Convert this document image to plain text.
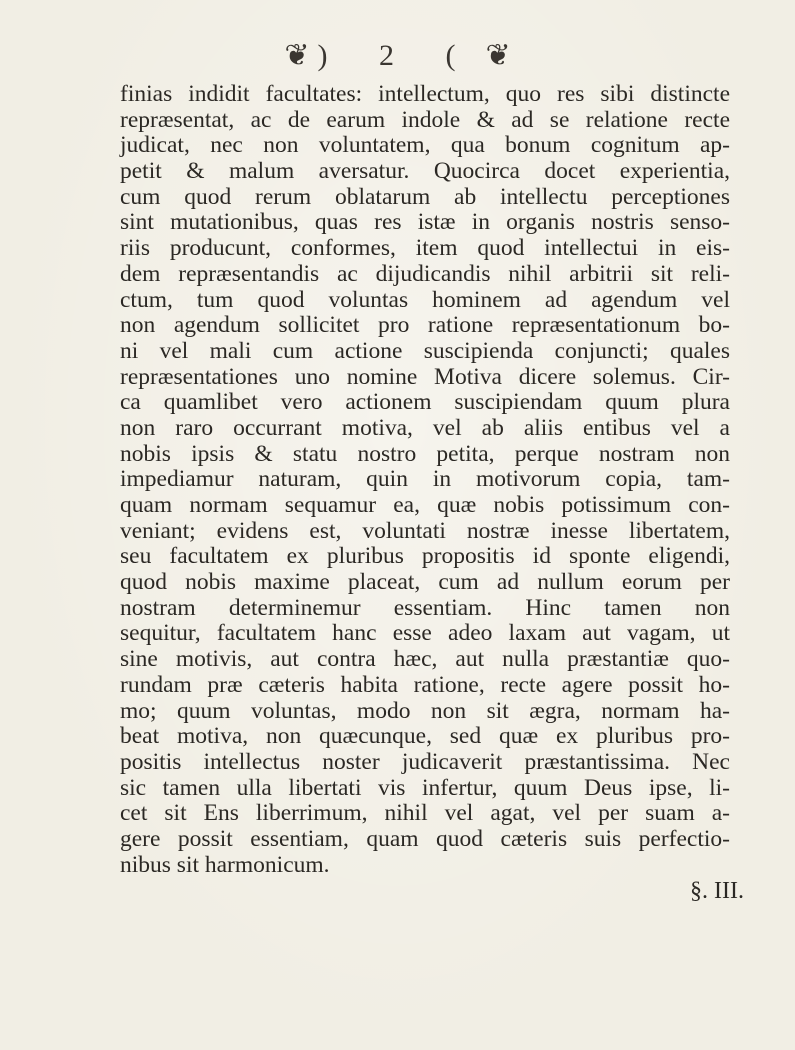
❦ ) 2 ( ❦
finias indidit facultates: intellectum, quo res sibi distincte
repræsentat, ac de earum indole & ad se relatione recte
judicat, nec non voluntatem, qua bonum cognitum ap-
petit & malum aversatur. Quocirca docet experientia,
cum quod rerum oblatarum ab intellectu perceptiones
sint mutationibus, quas res istæ in organis nostris senso-
riis producunt, conformes, item quod intellectui in eis-
dem repræsentandis ac dijudicandis nihil arbitrii sit reli-
ctum, tum quod voluntas hominem ad agendum vel
non agendum sollicitet pro ratione repræsentationum bo-
ni vel mali cum actione suscipienda conjuncti; quales
repræsentationes uno nomine Motiva dicere solemus. Cir-
ca quamlibet vero actionem suscipiendam quum plura
non raro occurrant motiva, vel ab aliis entibus vel a
nobis ipsis & statu nostro petita, perque nostram non
impediamur naturam, quin in motivorum copia, tam-
quam normam sequamur ea, quæ nobis potissimum con-
veniant; evidens est, voluntati nostræ inesse libertatem,
seu facultatem ex pluribus propositis id sponte eligendi,
quod nobis maxime placeat, cum ad nullum eorum per
nostram determinemur essentiam. Hinc tamen non
sequitur, facultatem hanc esse adeo laxam aut vagam, ut
sine motivis, aut contra hæc, aut nulla præstantiæ quo-
rundam præ cæteris habita ratione, recte agere possit ho-
mo; quum voluntas, modo non sit ægra, normam ha-
beat motiva, non quæcunque, sed quæ ex pluribus pro-
positis intellectus noster judicaverit præstantissima. Nec
sic tamen ulla libertati vis infertur, quum Deus ipse, li-
cet sit Ens liberrimum, nihil vel agat, vel per suam a-
gere possit essentiam, quam quod cæteris suis perfectio-
nibus sit harmonicum.
§. III.
